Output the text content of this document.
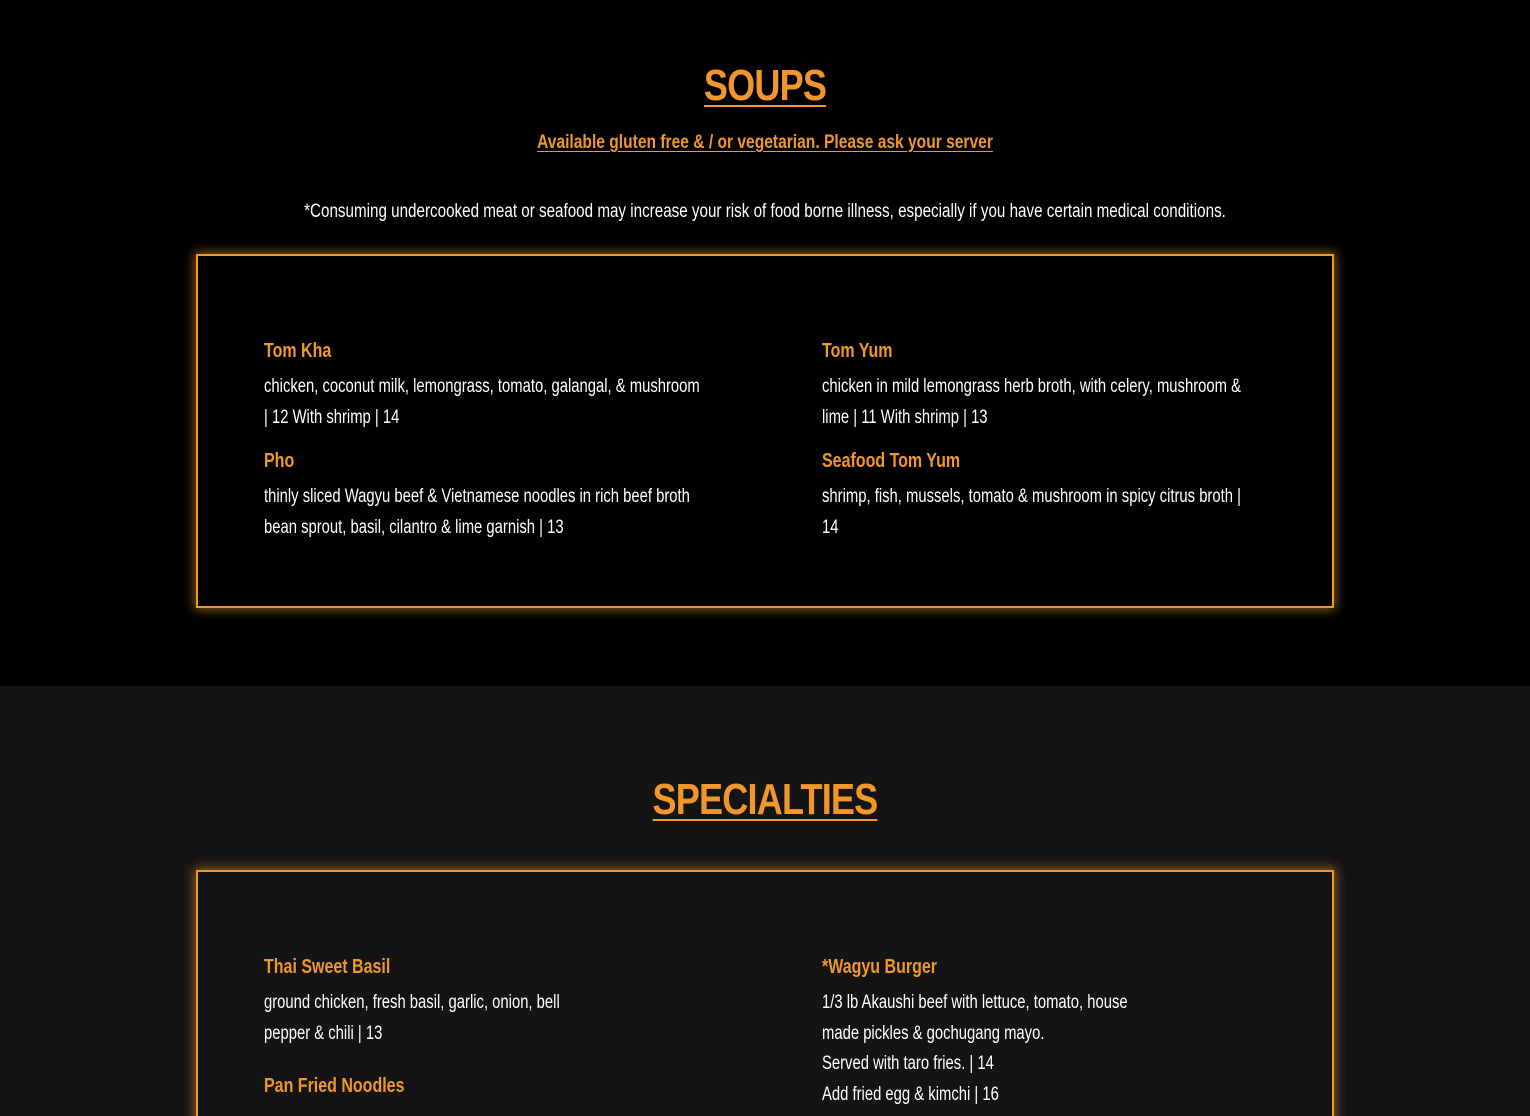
SOUPS

Available gluten free & / or vegetarian. Please ask your server

*Consuming undercooked meat or seafood may increase your risk of food borne illness, especially if you have certain medical conditions.

Tom Kha

chicken, coconut milk, lemongrass, tomato, galangal, & mushroom | 12 With shrimp | 14

Tom Yum

chicken in mild lemongrass herb broth, with celery, mushroom & lime | 11 With shrimp | 13

Pho

thinly sliced Wagyu beef & Vietnamese noodles in rich beef broth bean sprout, basil, cilantro & lime garnish | 13

Seafood Tom Yum

shrimp, fish, mussels, tomato & mushroom in spicy citrus broth | 14

SPECIALTIES

Thai Sweet Basil

ground chicken, fresh basil, garlic, onion, bell
pepper & chili | 13

*Wagyu Burger

1/3 lb Akaushi beef with lettuce, tomato, house
made pickles & gochugang mayo.
Served with taro fries. | 14
Add fried egg & kimchi | 16

Pan Fried Noodles
